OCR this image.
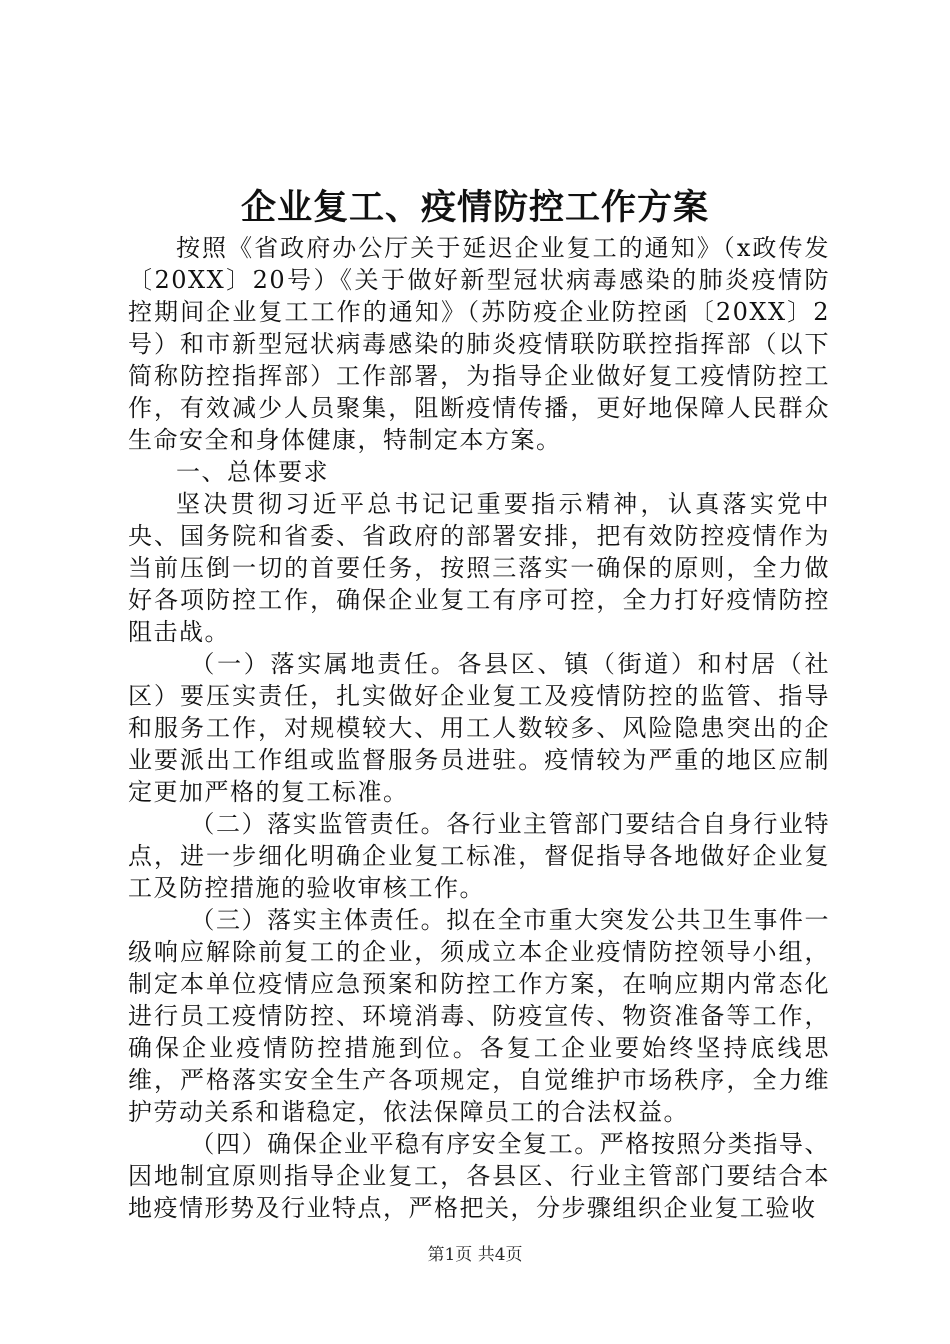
企业复工、疫情防控工作方案

按照《省政府办公厅关于延迟企业复工的通知》（x政传发〔20XX〕20号）《关于做好新型冠状病毒感染的肺炎疫情防控期间企业复工工作的通知》（苏防疫企业防控函〔20XX〕2号）和市新型冠状病毒感染的肺炎疫情联防联控指挥部（以下简称防控指挥部）工作部署，为指导企业做好复工疫情防控工作，有效减少人员聚集，阻断疫情传播，更好地保障人民群众生命安全和身体健康，特制定本方案。

一、总体要求

坚决贯彻习近平总书记记重要指示精神，认真落实党中央、国务院和省委、省政府的部署安排，把有效防控疫情作为当前压倒一切的首要任务，按照三落实一确保的原则，全力做好各项防控工作，确保企业复工有序可控，全力打好疫情防控阻击战。

（一）落实属地责任。各县区、镇（街道）和村居（社区）要压实责任，扎实做好企业复工及疫情防控的监管、指导和服务工作，对规模较大、用工人数较多、风险隐患突出的企业要派出工作组或监督服务员进驻。疫情较为严重的地区应制定更加严格的复工标准。

（二）落实监管责任。各行业主管部门要结合自身行业特点，进一步细化明确企业复工标准，督促指导各地做好企业复工及防控措施的验收审核工作。

（三）落实主体责任。拟在全市重大突发公共卫生事件一级响应解除前复工的企业，须成立本企业疫情防控领导小组，制定本单位疫情应急预案和防控工作方案，在响应期内常态化进行员工疫情防控、环境消毒、防疫宣传、物资准备等工作，确保企业疫情防控措施到位。各复工企业要始终坚持底线思维，严格落实安全生产各项规定，自觉维护市场秩序，全力维护劳动关系和谐稳定，依法保障员工的合法权益。

（四）确保企业平稳有序安全复工。严格按照分类指导、因地制宜原则指导企业复工，各县区、行业主管部门要结合本地疫情形势及行业特点，严格把关，分步骤组织企业复工验收

第1页 共4页
